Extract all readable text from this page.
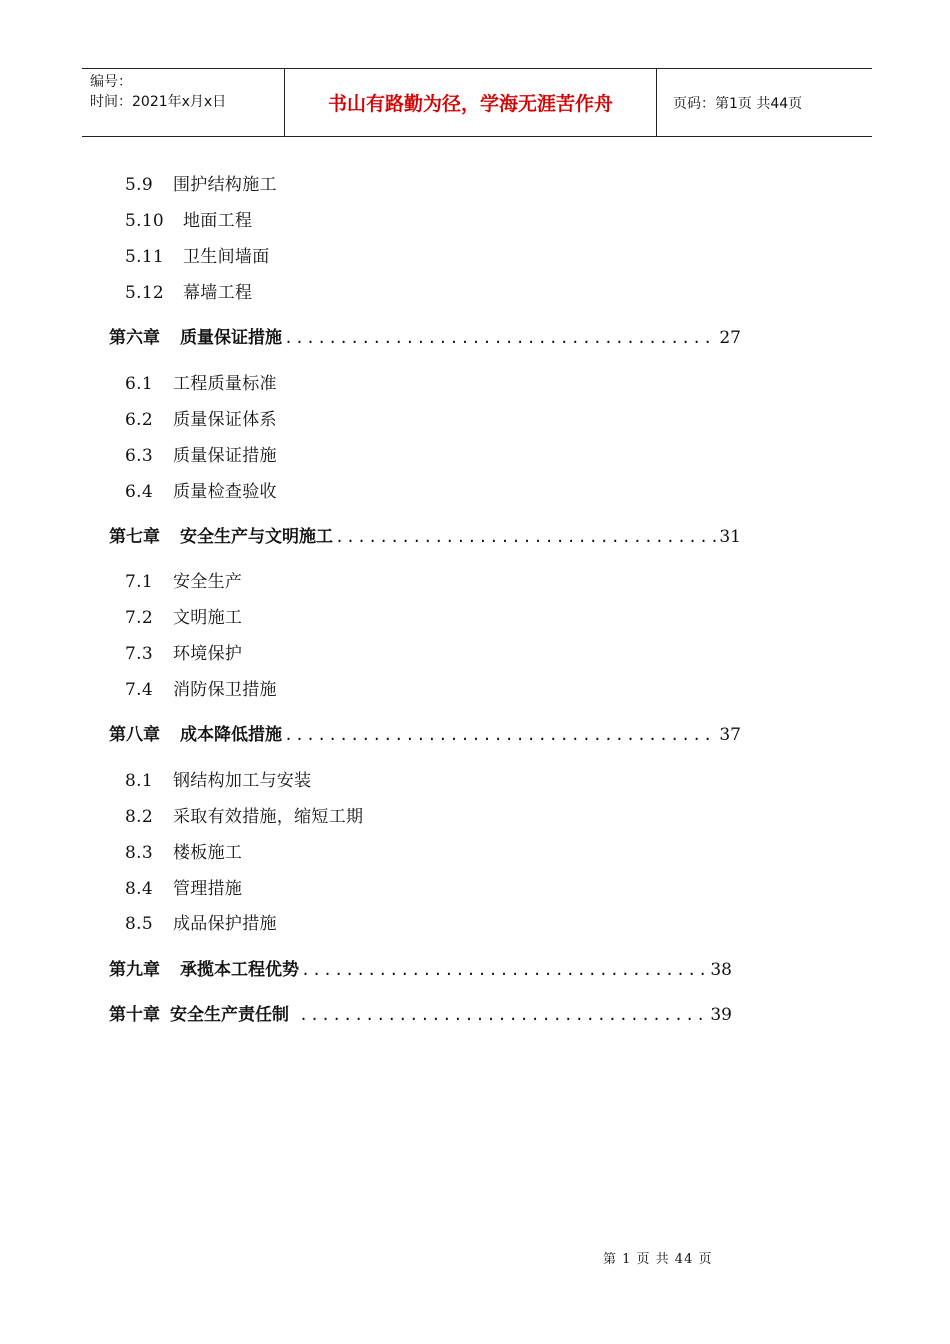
编号：
时间：2021年x月x日	书山有路勤为径，学海无涯苦作舟	页码：第1页 共44页
5.9 围护结构施工
5.10 地面工程
5.11 卫生间墙面
5.12 幕墙工程
第六章 质量保证措施 .....	27
6.1 工程质量标准
6.2 质量保证体系
6.3 质量保证措施
6.4 质量检查验收
第七章 安全生产与文明施工 .....	31
7.1 安全生产
7.2 文明施工
7.3 环境保护
7.4 消防保卫措施
第八章 成本降低措施 .....	37
8.1 钢结构加工与安装
8.2 采取有效措施，缩短工期
8.3 楼板施工
8.4 管理措施
8.5 成品保护措施
第九章 承揽本工程优势 .....	38
第十章 安全生产责任制 .....	39
第 1 页 共 44 页
